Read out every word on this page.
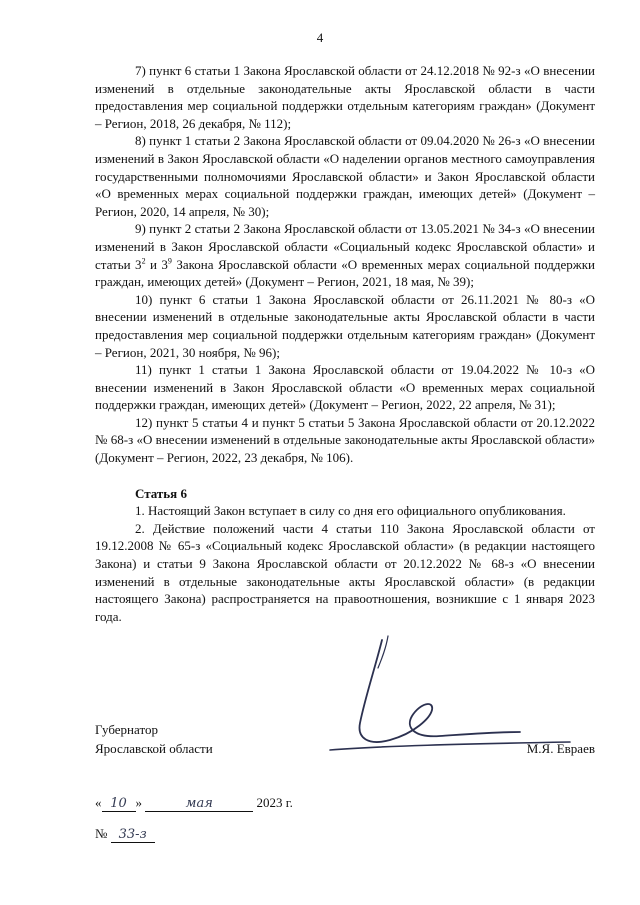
4

7) пункт 6 статьи 1 Закона Ярославской области от 24.12.2018 № 92-з «О внесении изменений в отдельные законодательные акты Ярославской области в части предоставления мер социальной поддержки отдельным категориям граждан» (Документ – Регион, 2018, 26 декабря, № 112);

8) пункт 1 статьи 2 Закона Ярославской области от 09.04.2020 № 26-з «О внесении изменений в Закон Ярославской области «О наделении органов местного самоуправления государственными полномочиями Ярославской области» и Закон Ярославской области «О временных мерах социальной поддержки граждан, имеющих детей» (Документ – Регион, 2020, 14 апреля, № 30);

9) пункт 2 статьи 2 Закона Ярославской области от 13.05.2021 № 34-з «О внесении изменений в Закон Ярославской области «Социальный кодекс Ярославской области» и статьи $3^2$ и $3^9$ Закона Ярославской области «О временных мерах социальной поддержки граждан, имеющих детей» (Документ – Регион, 2021, 18 мая, № 39);

10) пункт 6 статьи 1 Закона Ярославской области от 26.11.2021 № 80-з «О внесении изменений в отдельные законодательные акты Ярославской области в части предоставления мер социальной поддержки отдельным категориям граждан» (Документ – Регион, 2021, 30 ноября, № 96);

11) пункт 1 статьи 1 Закона Ярославской области от 19.04.2022 № 10-з «О внесении изменений в Закон Ярославской области «О временных мерах социальной поддержки граждан, имеющих детей» (Документ – Регион, 2022, 22 апреля, № 31);

12) пункт 5 статьи 4 и пункт 5 статьи 5 Закона Ярославской области от 20.12.2022 № 68-з «О внесении изменений в отдельные законодательные акты Ярославской области» (Документ – Регион, 2022, 23 декабря, № 106).

Статья 6

1. Настоящий Закон вступает в силу со дня его официального опубликования.

2. Действие положений части 4 статьи 110 Закона Ярославской области от 19.12.2008 № 65-з «Социальный кодекс Ярославской области» (в редакции настоящего Закона) и статьи 9 Закона Ярославской области от 20.12.2022 № 68-з «О внесении изменений в отдельные законодательные акты Ярославской области» (в редакции настоящего Закона) распространяется на правоотношения, возникшие с 1 января 2023 года.

Губернатор
Ярославской области	М.Я. Евраев
« 10 »	мая	2023 г.
№ 33-з
